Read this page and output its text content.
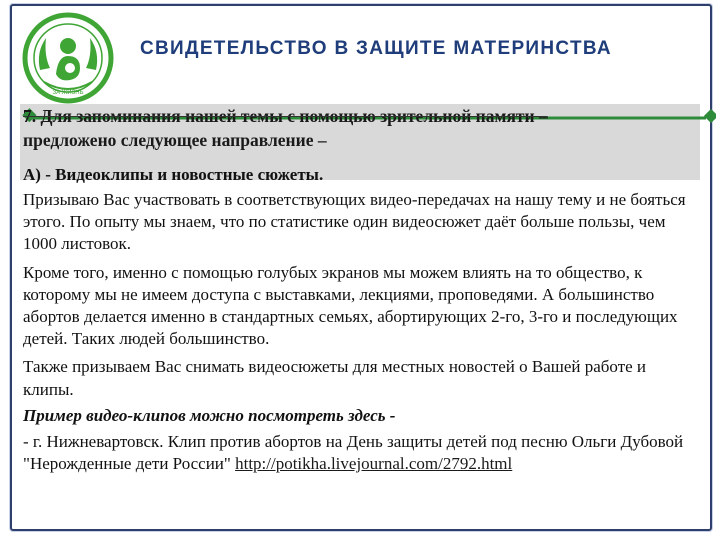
ЗА ЖИЗНЬ
СВИДЕТЕЛЬСТВО В ЗАЩИТЕ МАТЕРИНСТВА
7. Для запоминания нашей темы с помощью зрительной памяти –
предложено следующее направление –
А) - Видеоклипы и новостные сюжеты.

Призываю Вас участвовать в соответствующих видео-передачах на нашу тему и не бояться этого. По опыту мы знаем, что по статистике один видеосюжет даёт больше пользы, чем 1000 листовок.

Кроме того, именно с помощью голубых экранов мы можем влиять на то общество, к которому мы не имеем доступа с выставками, лекциями, проповедями. А большинство абортов делается именно в стандартных семьях, абортирующих 2-го, 3-го и последующих детей. Таких людей большинство.

Также призываем Вас снимать видеосюжеты для местных новостей о Вашей работе и клипы.

Пример видео-клипов можно посмотреть здесь -

- г. Нижневартовск. Клип против абортов на День защиты детей под песню Ольги Дубовой "Нерожденные дети России" http://potikha.livejournal.com/2792.html
